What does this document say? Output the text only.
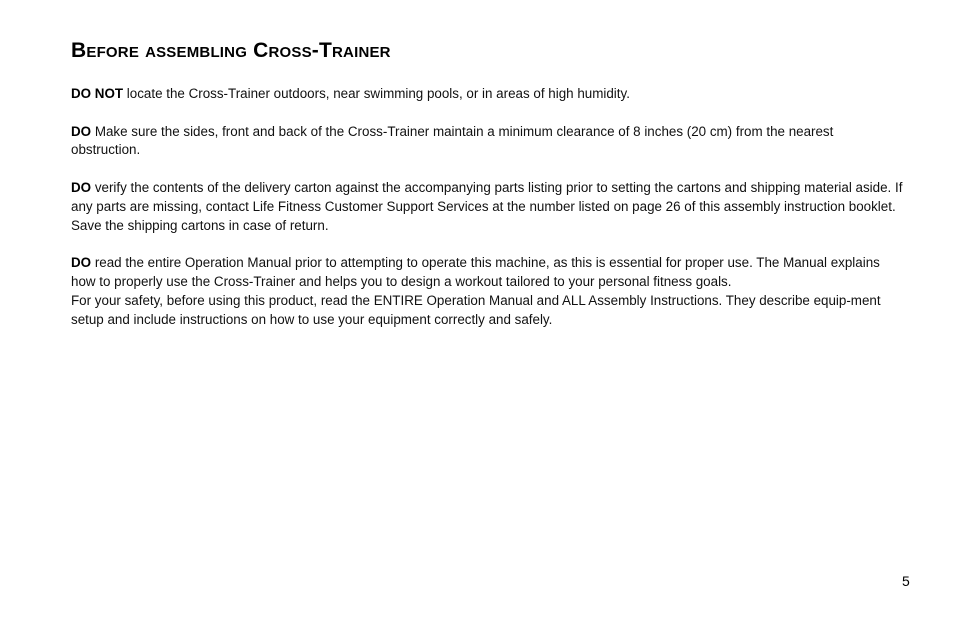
Before assembling Cross-Trainer

DO NOT locate the Cross-Trainer outdoors, near swimming pools, or in areas of high humidity.

DO Make sure the sides, front and back of the Cross-Trainer maintain a minimum clearance of 8 inches (20 cm) from the nearest obstruction.

DO verify the contents of the delivery carton against the accompanying parts listing prior to setting the cartons and shipping material aside. If any parts are missing, contact Life Fitness Customer Support Services at the number listed on page 26 of this assembly instruction booklet. Save the shipping cartons in case of return.

DO read the entire Operation Manual prior to attempting to operate this machine, as this is essential for proper use. The Manual explains how to properly use the Cross-Trainer and helps you to design a workout tailored to your personal fitness goals.

For your safety, before using this product, read the ENTIRE Operation Manual and ALL Assembly Instructions. They describe equip-ment setup and include instructions on how to use your equipment correctly and safely.

5
